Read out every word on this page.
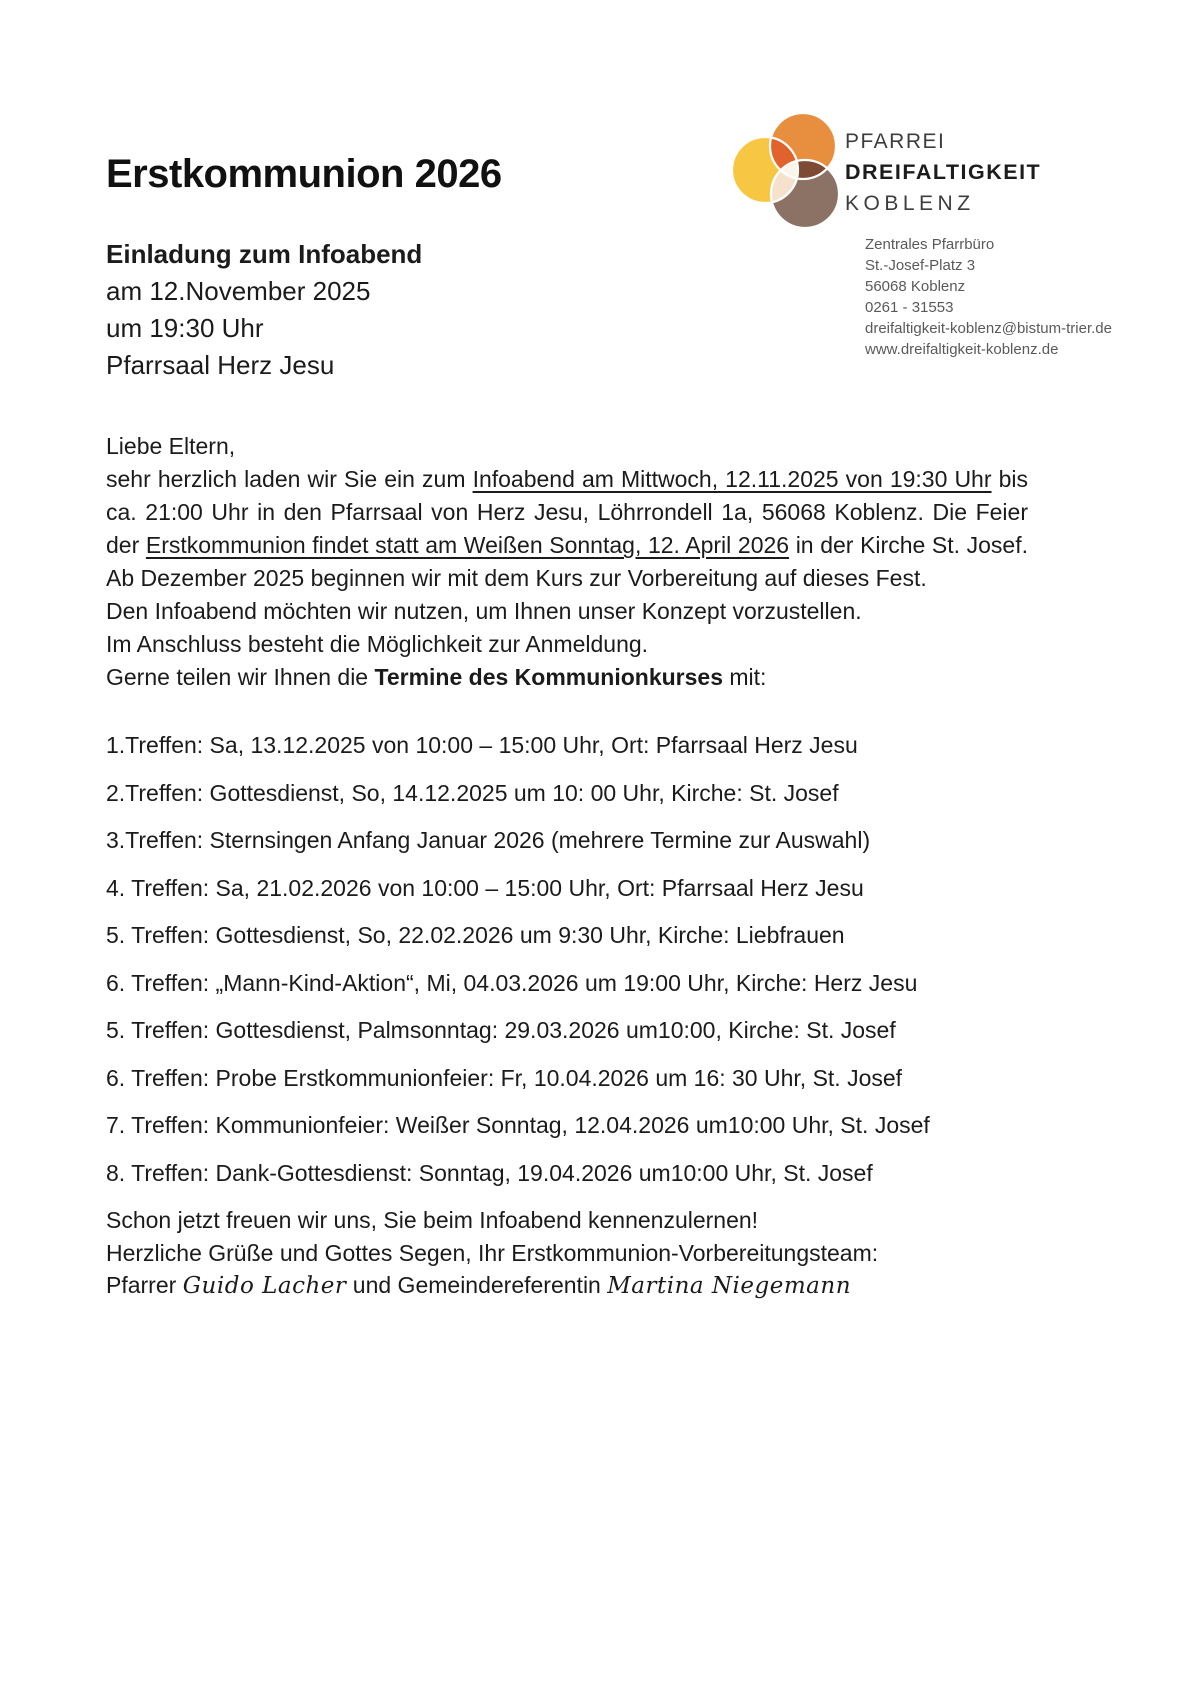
Erstkommunion 2026
Einladung zum Infoabend
am 12.November 2025
um 19:30 Uhr
Pfarrsaal Herz Jesu
PFARREI
DREIFALTIGKEIT
KOBLENZ
Zentrales Pfarrbüro
St.-Josef-Platz 3
56068 Koblenz
0261 - 31553
dreifaltigkeit-koblenz@bistum-trier.de
www.dreifaltigkeit-koblenz.de

Liebe Eltern,

sehr herzlich laden wir Sie ein zum Infoabend am Mittwoch, 12.11.2025 von 19:30 Uhr bis ca. 21:00 Uhr in den Pfarrsaal von Herz Jesu, Löhrrondell 1a, 56068 Koblenz. Die Feier der Erstkommunion findet statt am Weißen Sonntag, 12. April 2026 in der Kirche St. Josef. Ab Dezember 2025 beginnen wir mit dem Kurs zur Vorbereitung auf dieses Fest.

Den Infoabend möchten wir nutzen, um Ihnen unser Konzept vorzustellen.
Im Anschluss besteht die Möglichkeit zur Anmeldung.

Gerne teilen wir Ihnen die Termine des Kommunionkurses mit:

1.Treffen: Sa, 13.12.2025 von 10:00 – 15:00 Uhr, Ort: Pfarrsaal Herz Jesu
2.Treffen: Gottesdienst, So, 14.12.2025 um 10: 00 Uhr, Kirche: St. Josef
3.Treffen: Sternsingen Anfang Januar 2026 (mehrere Termine zur Auswahl)
4. Treffen: Sa, 21.02.2026 von 10:00 – 15:00 Uhr, Ort: Pfarrsaal Herz Jesu
5. Treffen: Gottesdienst, So, 22.02.2026 um 9:30 Uhr, Kirche: Liebfrauen
6. Treffen: „Mann-Kind-Aktion“, Mi, 04.03.2026 um 19:00 Uhr, Kirche: Herz Jesu
5. Treffen: Gottesdienst, Palmsonntag: 29.03.2026 um10:00, Kirche: St. Josef
6. Treffen: Probe Erstkommunionfeier: Fr, 10.04.2026 um 16: 30 Uhr, St. Josef
7. Treffen: Kommunionfeier: Weißer Sonntag, 12.04.2026 um10:00 Uhr, St. Josef
8. Treffen: Dank-Gottesdienst: Sonntag, 19.04.2026 um10:00 Uhr, St. Josef

Schon jetzt freuen wir uns, Sie beim Infoabend kennenzulernen!

Herzliche Grüße und Gottes Segen, Ihr Erstkommunion-Vorbereitungsteam:
Pfarrer Guido Lacher und Gemeindereferentin Martina Niegemann
